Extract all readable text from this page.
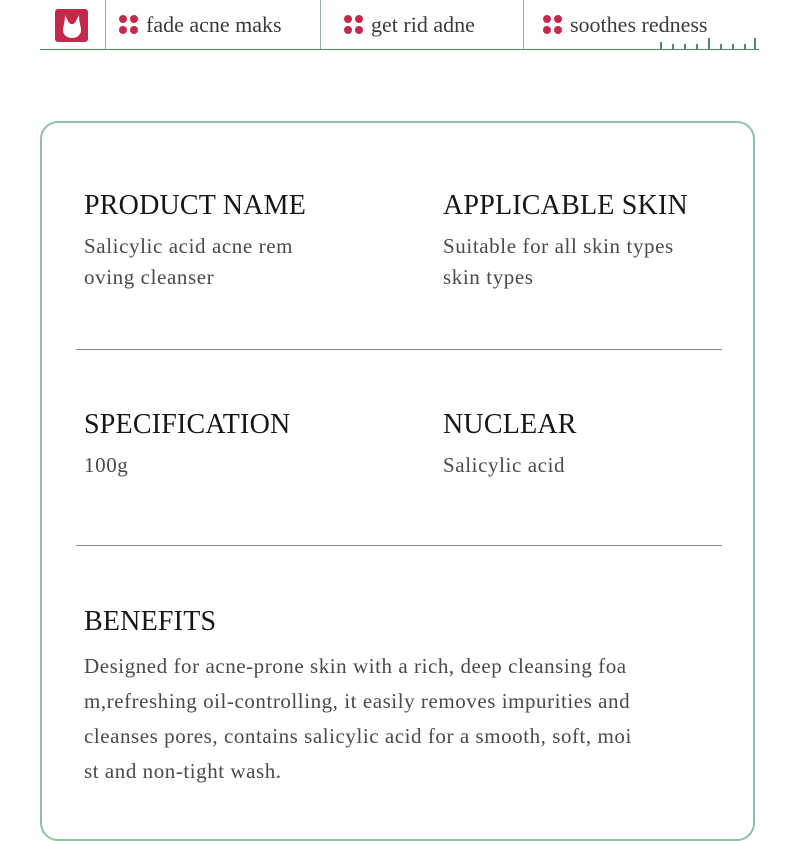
fade acne maks	get rid adne	soothes redness
PRODUCT NAME
Salicylic acid acne rem
oving cleanser
APPLICABLE SKIN
Suitable for all skin types
skin types
SPECIFICATION
100g
NUCLEAR
Salicylic acid
BENEFITS
Designed for acne-prone skin with a rich, deep cleansing foa
m,refreshing oil-controlling, it easily removes impurities and
cleanses pores, contains salicylic acid for a smooth, soft, moi
st and non-tight wash.
